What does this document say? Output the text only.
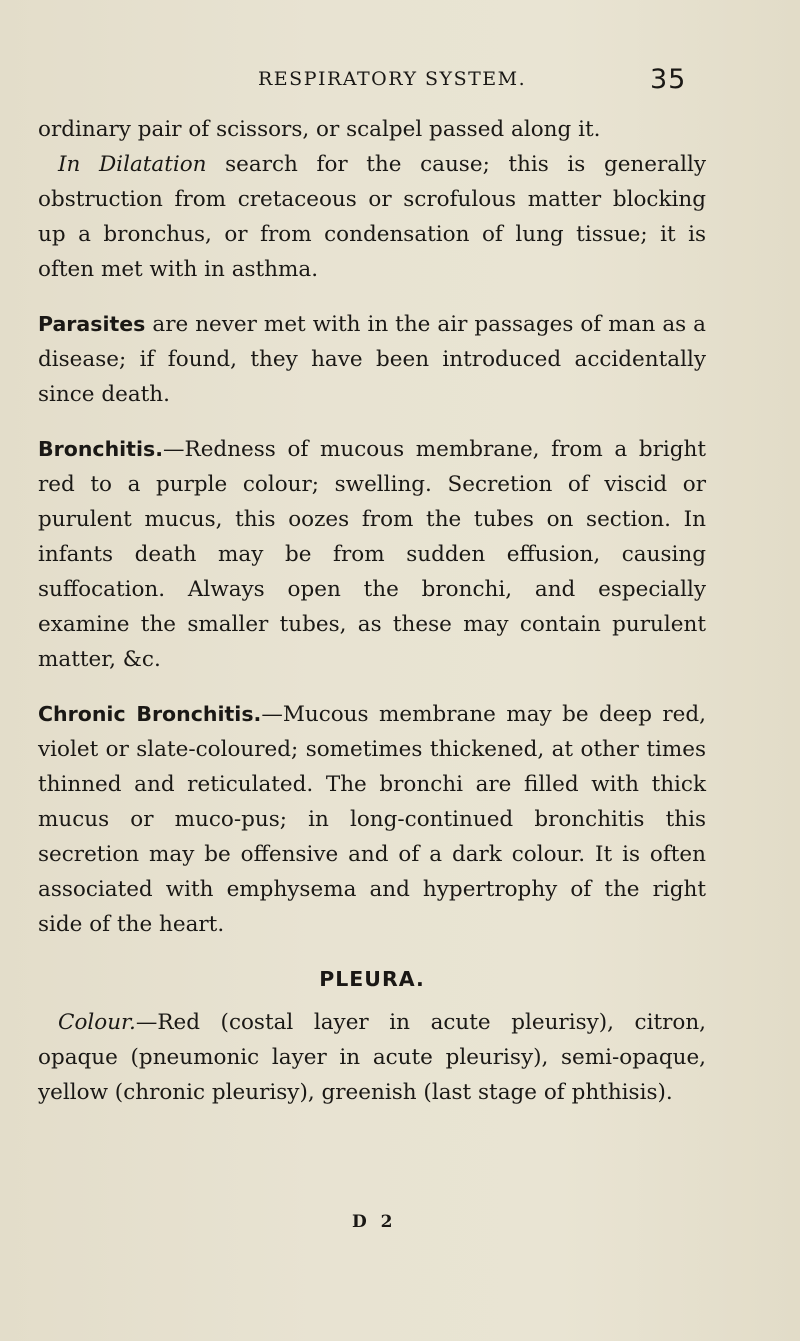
RESPIRATORY SYSTEM.	35

ordinary pair of scissors, or scalpel passed along it.

In Dilatation search for the cause; this is generally obstruction from cretaceous or scrofulous matter blocking up a bronchus, or from condensation of lung tissue; it is often met with in asthma.

Parasites are never met with in the air passages of man as a disease; if found, they have been introduced accidentally since death.

Bronchitis.—Redness of mucous membrane, from a bright red to a purple colour; swelling. Secretion of viscid or purulent mucus, this oozes from the tubes on section. In infants death may be from sudden effusion, causing suffocation. Always open the bronchi, and especially examine the smaller tubes, as these may contain purulent matter, &c.

Chronic Bronchitis.—Mucous membrane may be deep red, violet or slate-coloured; sometimes thickened, at other times thinned and reticulated. The bronchi are filled with thick mucus or muco-pus; in long-continued bronchitis this secretion may be offensive and of a dark colour. It is often associated with emphysema and hypertrophy of the right side of the heart.

PLEURA.

Colour.—Red (costal layer in acute pleurisy), citron, opaque (pneumonic layer in acute pleurisy), semi-opaque, yellow (chronic pleurisy), greenish (last stage of phthisis).

D 2
